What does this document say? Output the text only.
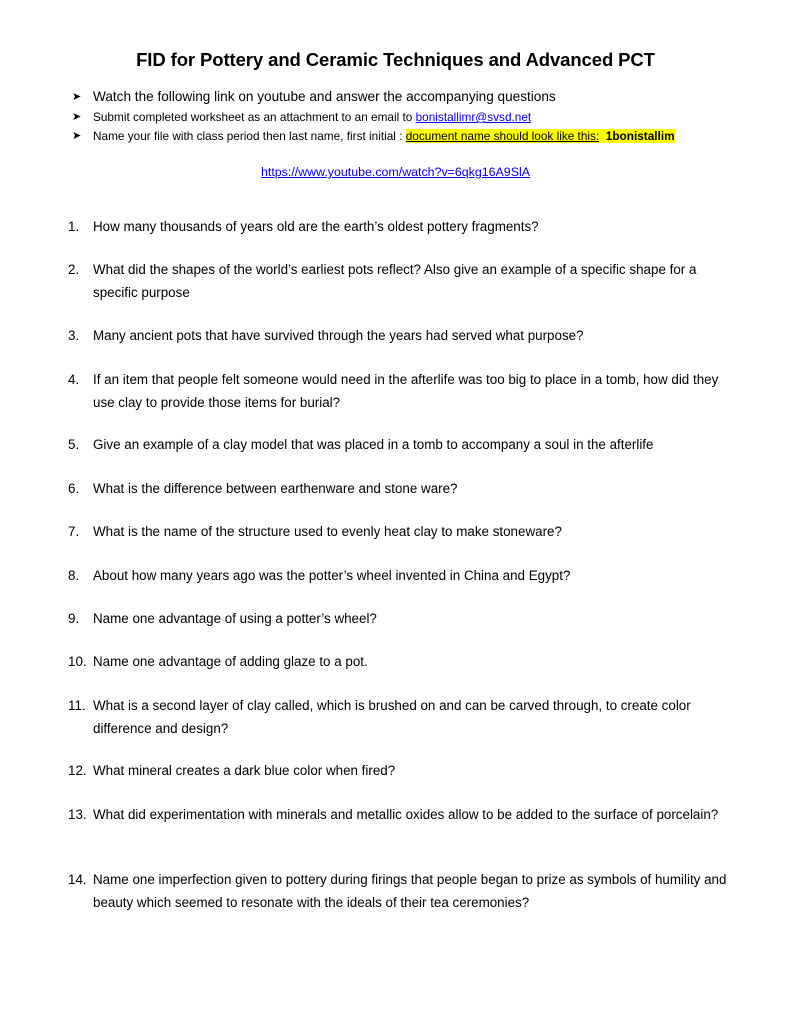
FID for Pottery and Ceramic Techniques and Advanced PCT
➤ Watch the following link on youtube and answer the accompanying questions
➤ Submit completed worksheet as an attachment to an email to bonistallimr@svsd.net
➤ Name your file with class period then last name, first initial : document name should look like this: 1bonistallim
https://www.youtube.com/watch?v=6qkg16A9SlA
1.	How many thousands of years old are the earth’s oldest pottery fragments?
2.	What did the shapes of the world’s earliest pots reflect? Also give an example of a specific shape for a specific purpose
3.	Many ancient pots that have survived through the years had served what purpose?
4.	If an item that people felt someone would need in the afterlife was too big to place in a tomb, how did they use clay to provide those items for burial?
5.	Give an example of a clay model that was placed in a tomb to accompany a soul in the afterlife
6.	What is the difference between earthenware and stone ware?
7.	What is the name of the structure used to evenly heat clay to make stoneware?
8.	About how many years ago was the potter’s wheel invented in China and Egypt?
9.	Name one advantage of using a potter’s wheel?
10. Name one advantage of adding glaze to a pot.
11. What is a second layer of clay called, which is brushed on and can be carved through, to create color difference and design?
12. What mineral creates a dark blue color when fired?
13. What did experimentation with minerals and metallic oxides allow to be added to the surface of porcelain?
14. Name one imperfection given to pottery during firings that people began to prize as symbols of humility and beauty which seemed to resonate with the ideals of their tea ceremonies?
